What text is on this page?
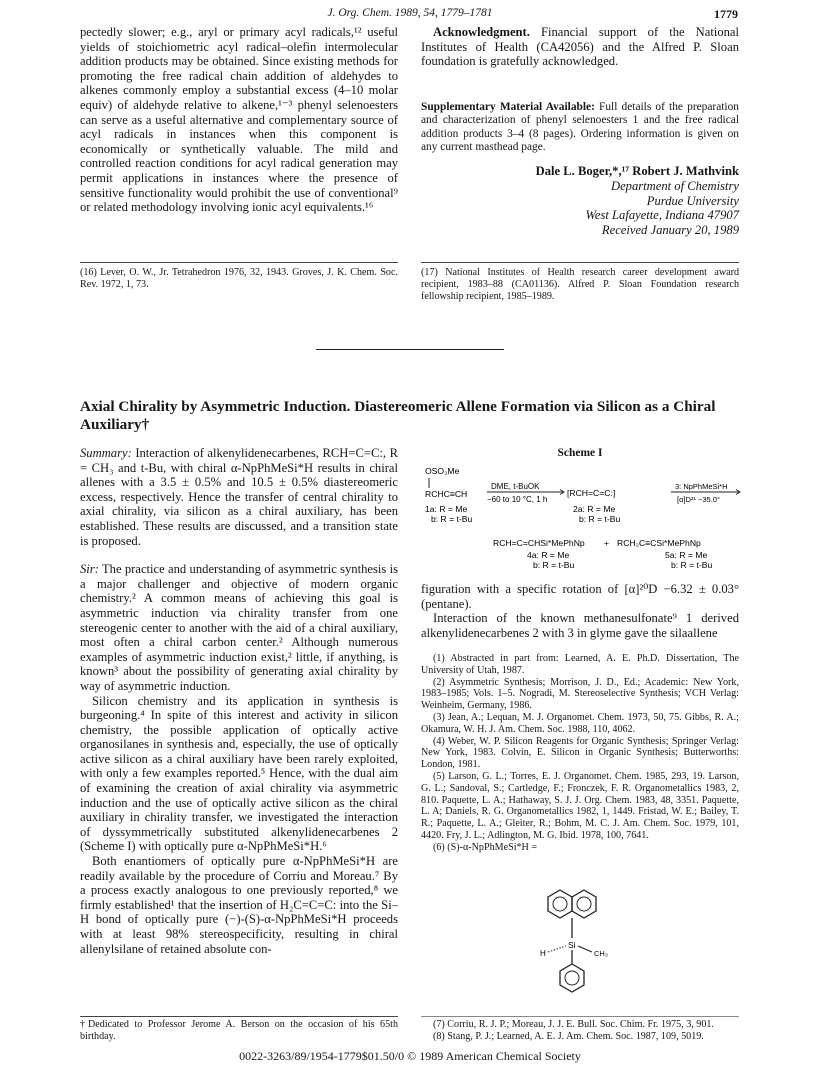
J. Org. Chem. 1989, 54, 1779–1781	1779

pectedly slower; e.g., aryl or primary acyl radicals,¹² useful yields of stoichiometric acyl radical–olefin intermolecular addition products may be obtained. Since existing methods for promoting the free radical chain addition of aldehydes to alkenes commonly employ a substantial excess (4–10 molar equiv) of aldehyde relative to alkene,¹⁻³ phenyl selenoesters can serve as a useful alternative and complementary source of acyl radicals in instances when this component is economically or synthetically valuable. The mild and controlled reaction conditions for acyl radical generation may permit applications in instances where the presence of sensitive functionality would prohibit the use of conventional⁹ or related methodology involving ionic acyl equivalents.¹⁶

(16) Lever, O. W., Jr. Tetrahedron 1976, 32, 1943. Groves, J. K. Chem. Soc. Rev. 1972, 1, 73.

Acknowledgment. Financial support of the National Institutes of Health (CA42056) and the Alfred P. Sloan foundation is gratefully acknowledged.

Supplementary Material Available: Full details of the preparation and characterization of phenyl selenoesters 1 and the free radical addition products 3–4 (8 pages). Ordering information is given on any current masthead page.
Dale L. Boger,*,¹⁷ Robert J. Mathvink
Department of Chemistry
Purdue University
West Lafayette, Indiana 47907
Received January 20, 1989

(17) National Institutes of Health research career development award recipient, 1983–88 (CA01136). Alfred P. Sloan Foundation research fellowship recipient, 1985–1989.

Axial Chirality by Asymmetric Induction. Diastereomeric Allene Formation via Silicon as a Chiral Auxiliary†

Summary: Interaction of alkenylidenecarbenes, RCH=C=C:, R = CH₃ and t-Bu, with chiral α-NpPhMeSi*H results in chiral allenes with a 3.5 ± 0.5% and 10.5 ± 0.5% diastereomeric excess, respectively. Hence the transfer of central chirality to axial chirality, via silicon as a chiral auxiliary, has been established. These results are discussed, and a transition state is proposed.

Sir: The practice and understanding of asymmetric synthesis is a major challenger and objective of modern organic chemistry.² A common means of achieving this goal is asymmetric induction via chirality transfer from one stereogenic center to another with the aid of a chiral auxiliary, most often a chiral carbon center.² Although numerous examples of asymmetric induction exist,² little, if anything, is known³ about the possibility of generating axial chirality by way of asymmetric induction.

Silicon chemistry and its application in synthesis is burgeoning.⁴ In spite of this interest and activity in silicon chemistry, the possible application of optically active organosilanes in synthesis and, especially, the use of optically active silicon as a chiral auxiliary have been rarely exploited, with only a few examples reported.⁵ Hence, with the dual aim of examining the creation of axial chirality via asymmetric induction and the use of optically active silicon as the chiral auxiliary in chirality transfer, we investigated the interaction of dyssymmetrically substituted alkenylidenecarbenes 2 (Scheme I) with optically pure α-NpPhMeSi*H.⁶

Both enantiomers of optically pure α-NpPhMeSi*H are readily available by the procedure of Corriu and Moreau.⁷ By a process exactly analogous to one previously reported,⁸ we firmly established¹ that the insertion of H₂C=C=C: into the Si–H bond of optically pure (−)-(S)-α-NpPhMeSi*H proceeds with at least 98% stereospecificity, resulting in chiral allenylsilane of retained absolute con-

†Dedicated to Professor Jerome A. Berson on the occasion of his 65th birthday.

Scheme I
OSO₂Me
RCHC≡CH
DME, t-BuOK
−60 to 10 °C, 1 h
[RCH=C=C:]
3: NpPhMeSi*H
[α]D²¹ −35.0°
1a: R = Me
b: R = t-Bu
2a: R = Me
b: R = t-Bu
RCH=C=CHSi*MePhNp + RCH₂C≡CSi*MePhNp
4a: R = Me
b: R = t-Bu
5a: R = Me
b: R = t-Bu

figuration with a specific rotation of [α]²⁰D −6.32 ± 0.03° (pentane).

Interaction of the known methanesulfonate⁹ 1 derived alkenylidenecarbenes 2 with 3 in glyme gave the silaallene

(1) Abstracted in part from: Learned, A. E. Ph.D. Dissertation, The University of Utah, 1987.

(2) Asymmetric Synthesis; Morrison, J. D., Ed.; Academic: New York, 1983–1985; Vols. 1–5. Nogradi, M. Stereoselective Synthesis; VCH Verlag: Weinheim, Germany, 1986.

(3) Jean, A.; Lequan, M. J. Organomet. Chem. 1973, 50, 75. Gibbs, R. A.; Okamura, W. H. J. Am. Chem. Soc. 1988, 110, 4062.

(4) Weber, W. P. Silicon Reagents for Organic Synthesis; Springer Verlag: New York, 1983. Colvin, E. Silicon in Organic Synthesis; Butterworths: London, 1981.

(5) Larson, G. L.; Torres, E. J. Organomet. Chem. 1985, 293, 19. Larson, G. L.; Sandoval, S.; Cartledge, F.; Fronczek, F. R. Organometallics 1983, 2, 810. Paquette, L. A.; Hathaway, S. J. J. Org. Chem. 1983, 48, 3351. Paquette, L. A; Daniels, R. G. Organometallics 1982, 1, 1449. Fristad, W. E.; Bailey, T. R.; Paquette, L. A.; Gleiter, R.; Bohm, M. C. J. Am. Chem. Soc. 1979, 101, 4420. Fry, J. L.; Adlington, M. G. Ibid. 1978, 100, 7641.

(6) (S)-α-NpPhMeSi*H =

Si
H	CH₃

(7) Corriu, R. J. P.; Moreau, J. J. E. Bull. Soc. Chim. Fr. 1975, 3, 901.

(8) Stang, P. J.; Learned, A. E. J. Am. Chem. Soc. 1987, 109, 5019.

0022-3263/89/1954-1779$01.50/0 © 1989 American Chemical Society
